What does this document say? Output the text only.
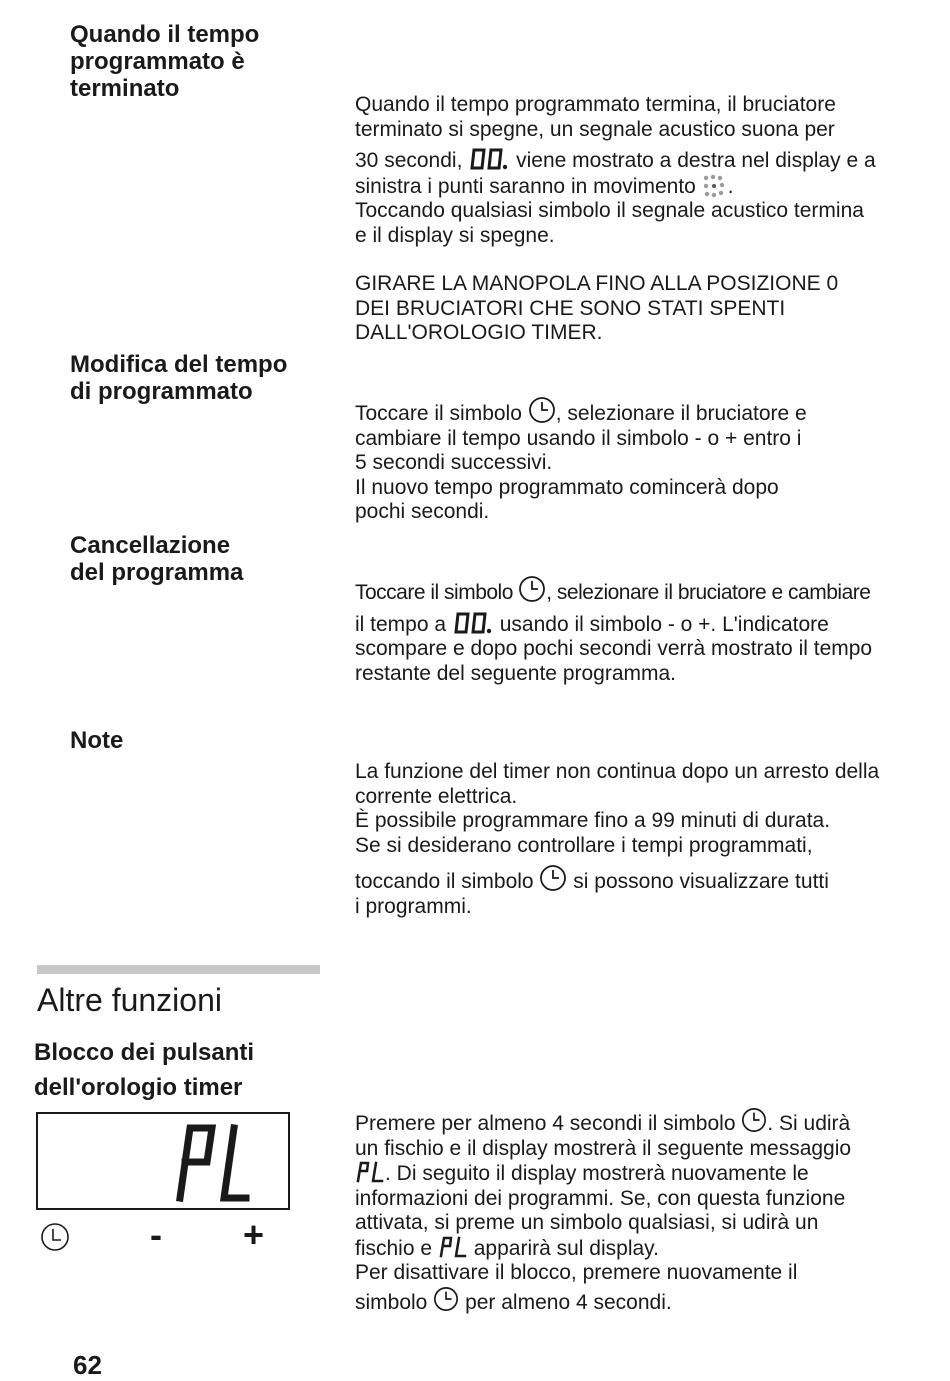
Quando il tempo
programmato è
terminato
Quando il tempo programmato termina, il bruciatore
terminato si spegne, un segnale acustico suona per
30 secondi,	viene mostrato a destra nel display e a
sinistra i punti saranno in movimento .
Toccando qualsiasi simbolo il segnale acustico termina
e il display si spegne.
GIRARE LA MANOPOLA FINO ALLA POSIZIONE 0
DEI BRUCIATORI CHE SONO STATI SPENTI
DALL'OROLOGIO TIMER.
Modifica del tempo
di programmato
Toccare il simbolo , selezionare il bruciatore e
cambiare il tempo usando il simbolo - o + entro i
5 secondi successivi.
Il nuovo tempo programmato comincerà dopo
pochi secondi.
Cancellazione
del programma
Toccare il simbolo , selezionare il bruciatore e cambiare
il tempo a	usando il simbolo - o +. L'indicatore
scompare e dopo pochi secondi verrà mostrato il tempo
restante del seguente programma.
Note
La funzione del timer non continua dopo un arresto della
corrente elettrica.
È possibile programmare fino a 99 minuti di durata.
Se si desiderano controllare i tempi programmati,
toccando il simbolo si possono visualizzare tutti
i programmi.
Altre funzioni
Blocco dei pulsanti
dell'orologio timer
- +
Premere per almeno 4 secondi il simbolo . Si udirà
un fischio e il display mostrerà il seguente messaggio
. Di seguito il display mostrerà nuovamente le
informazioni dei programmi. Se, con questa funzione
attivata, si preme un simbolo qualsiasi, si udirà un
fischio e apparirà sul display.
Per disattivare il blocco, premere nuovamente il
simbolo per almeno 4 secondi.
62
